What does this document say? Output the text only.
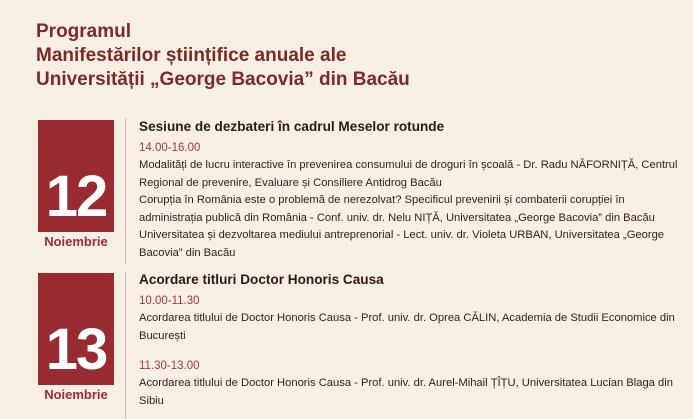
Programul
Manifestărilor științifice anuale ale
Universității „George Bacovia” din Bacău
12
Noiembrie
Sesiune de dezbateri în cadrul Meselor rotunde
14.00-16.00
Modalități de lucru interactive în prevenirea consumului de droguri în școală - Dr. Radu NĂFORNIȚĂ, Centrul Regional de prevenire, Evaluare și Consiliere Antidrog Bacău
Corupția în România este o problemă de nerezolvat? Specificul prevenirii și combaterii corupției în administrația publică din România - Conf. univ. dr. Nelu NIȚĂ, Universitatea „George Bacovia” din Bacău
Universitatea și dezvoltarea mediului antreprenorial - Lect. univ. dr. Violeta URBAN, Universitatea „George Bacovia” din Bacău
13
Noiembrie
Acordare titluri Doctor Honoris Causa
10.00-11.30
Acordarea titlului de Doctor Honoris Causa - Prof. univ. dr. Oprea CĂLIN, Academia de Studii Economice din București
11.30-13.00
Acordarea titlului de Doctor Honoris Causa - Prof. univ. dr. Aurel-Mihail ȚÎȚU, Universitatea Lucian Blaga din Sibiu
